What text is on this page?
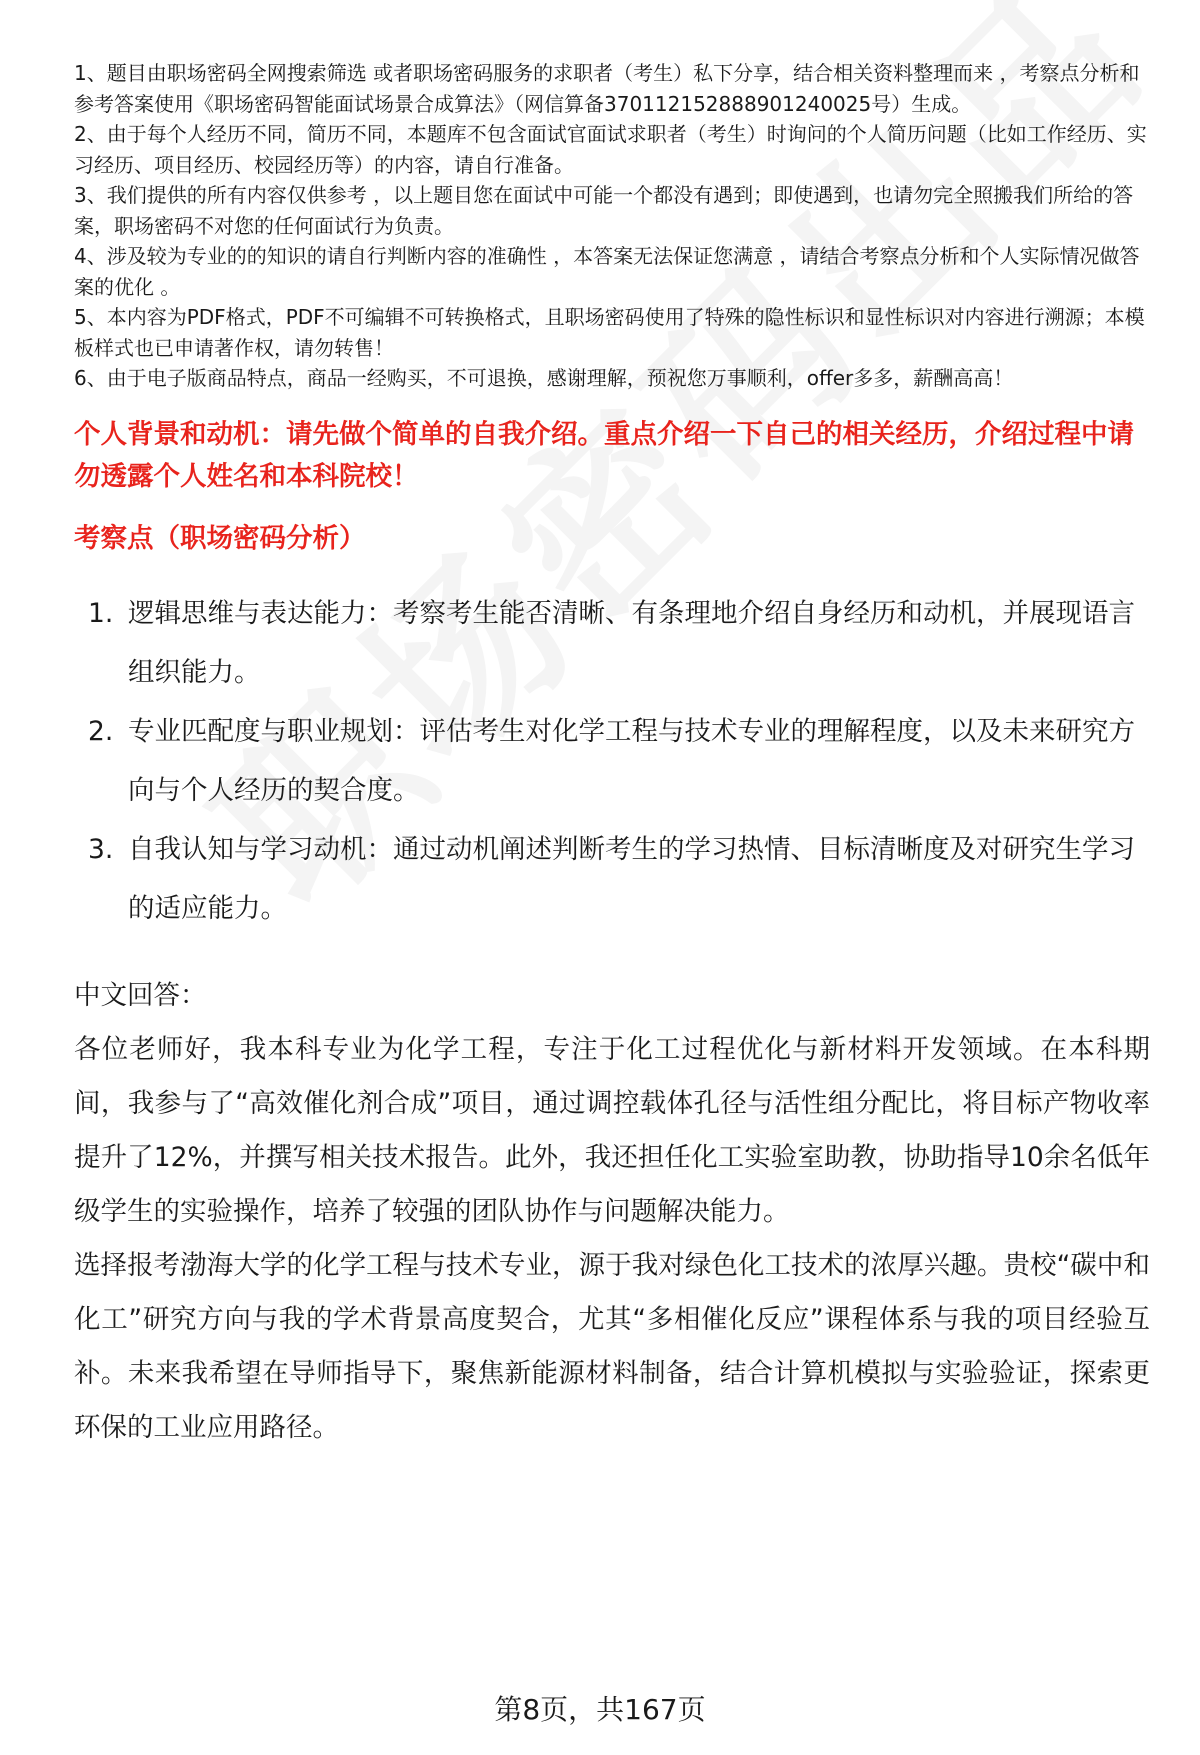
1、题目由职场密码全网搜索筛选 或者职场密码服务的求职者（考生）私下分享，结合相关资料整理而来 ，考察点分析和参考答案使用《职场密码智能面试场景合成算法》（网信算备370112152888901240025号）生成。
2、由于每个人经历不同，简历不同，本题库不包含面试官面试求职者（考生）时询问的个人简历问题（比如工作经历、实习经历、项目经历、校园经历等）的内容，请自行准备。
3、我们提供的所有内容仅供参考 ，以上题目您在面试中可能一个都没有遇到；即使遇到，也请勿完全照搬我们所给的答案，职场密码不对您的任何面试行为负责。
4、涉及较为专业的的知识的请自行判断内容的准确性 ，本答案无法保证您满意 ，请结合考察点分析和个人实际情况做答案的优化 。
5、本内容为PDF格式，PDF不可编辑不可转换格式，且职场密码使用了特殊的隐性标识和显性标识对内容进行溯源；本模板样式也已申请著作权，请勿转售！
6、由于电子版商品特点，商品一经购买，不可退换，感谢理解，预祝您万事顺利，offer多多，薪酬高高！
个人背景和动机：请先做个简单的自我介绍。重点介绍一下自己的相关经历，介绍过程中请勿透露个人姓名和本科院校！
考察点（职场密码分析）
1. 逻辑思维与表达能力：考察考生能否清晰、有条理地介绍自身经历和动机，并展现语言组织能力。
2. 专业匹配度与职业规划：评估考生对化学工程与技术专业的理解程度，以及未来研究方向与个人经历的契合度。
3. 自我认知与学习动机：通过动机阐述判断考生的学习热情、目标清晰度及对研究生学习的适应能力。
中文回答：

各位老师好，我本科专业为化学工程，专注于化工过程优化与新材料开发领域。在本科期间，我参与了“高效催化剂合成”项目，通过调控载体孔径与活性组分配比，将目标产物收率提升了12%，并撰写相关技术报告。此外，我还担任化工实验室助教，协助指导10余名低年级学生的实验操作，培养了较强的团队协作与问题解决能力。

选择报考渤海大学的化学工程与技术专业，源于我对绿色化工技术的浓厚兴趣。贵校“碳中和化工”研究方向与我的学术背景高度契合，尤其“多相催化反应”课程体系与我的项目经验互补。未来我希望在导师指导下，聚焦新能源材料制备，结合计算机模拟与实验验证，探索更环保的工业应用路径。

第8页，共167页
